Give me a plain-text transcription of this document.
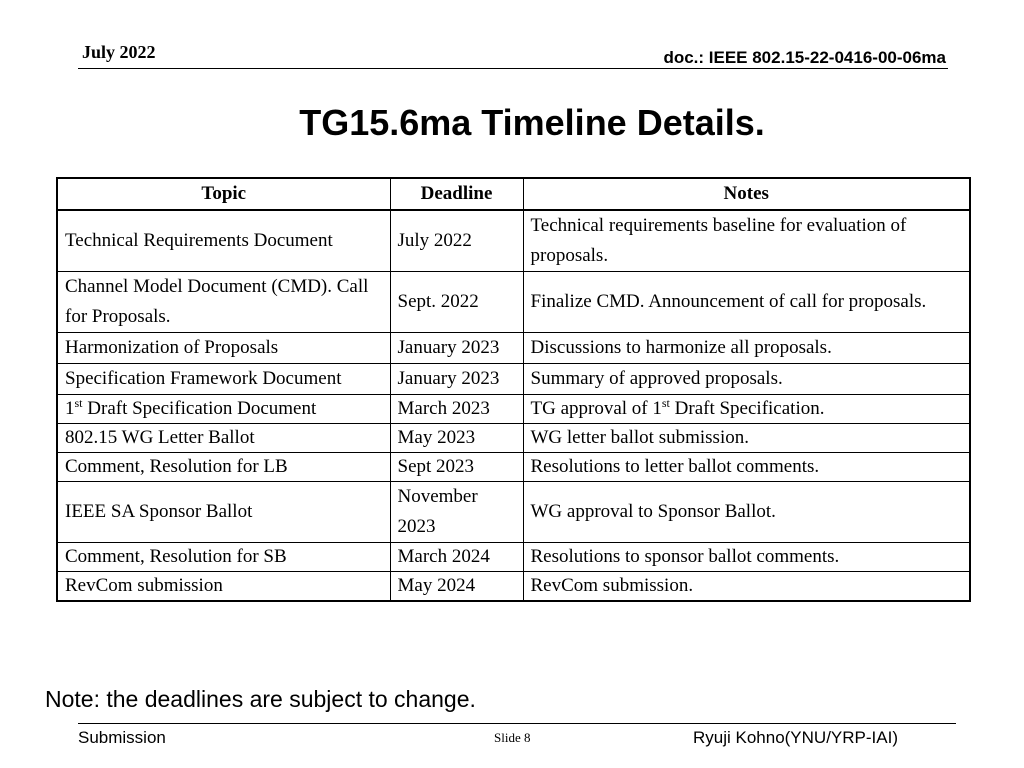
July 2022	doc.: IEEE 802.15-22-0416-00-06ma
TG15.6ma Timeline Details.
Topic	Deadline	Notes
Technical Requirements Document	July 2022	Technical requirements baseline for evaluation of proposals.
Channel Model Document (CMD). Call for Proposals.	Sept. 2022	Finalize CMD. Announcement of call for proposals.
Harmonization of Proposals	January 2023	Discussions to harmonize all proposals.
Specification Framework Document	January 2023	Summary of approved proposals.
1st Draft Specification Document	March 2023	TG approval of 1st Draft Specification.
802.15 WG Letter Ballot	May 2023	WG letter ballot submission.
Comment, Resolution for LB	Sept 2023	Resolutions to letter ballot comments.
IEEE SA Sponsor Ballot	November 2023	WG approval to Sponsor Ballot.
Comment, Resolution for SB	March 2024	Resolutions to sponsor ballot comments.
RevCom submission	May 2024	RevCom submission.
Note: the deadlines are subject to change.
Submission	Slide 8	Ryuji Kohno(YNU/YRP-IAI)
